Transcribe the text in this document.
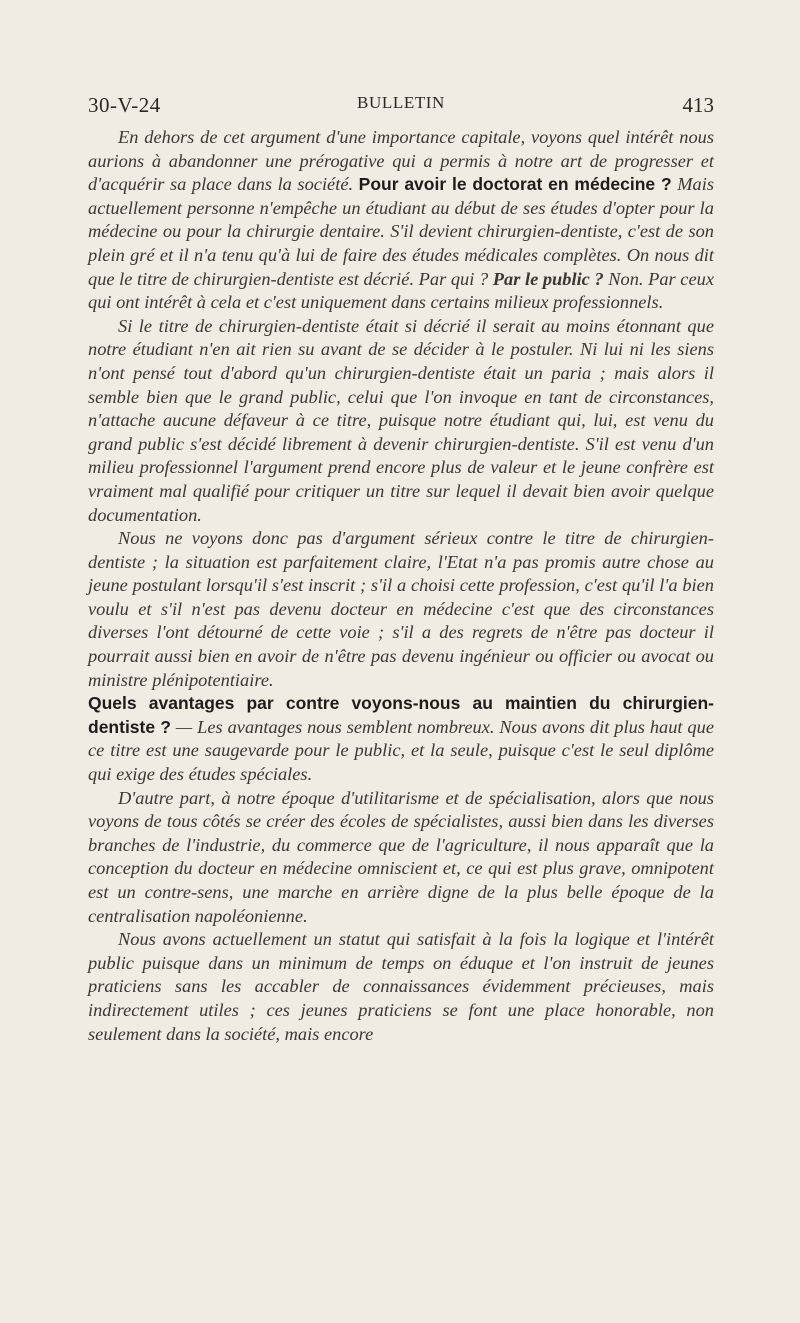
30-V-24	BULLETIN	413

En dehors de cet argument d'une importance capitale, voyons quel intérêt nous aurions à abandonner une prérogative qui a permis à notre art de progresser et d'acquérir sa place dans la société. Pour avoir le doctorat en médecine ? Mais actuellement personne n'empêche un étudiant au début de ses études d'opter pour la médecine ou pour la chirurgie dentaire. S'il devient chirurgien-dentiste, c'est de son plein gré et il n'a tenu qu'à lui de faire des études médicales complètes. On nous dit que le titre de chirurgien-dentiste est décrié. Par qui ? Par le public ? Non. Par ceux qui ont intérêt à cela et c'est uniquement dans certains milieux professionnels.

Si le titre de chirurgien-dentiste était si décrié il serait au moins étonnant que notre étudiant n'en ait rien su avant de se décider à le postuler. Ni lui ni les siens n'ont pensé tout d'abord qu'un chirurgien-dentiste était un paria ; mais alors il semble bien que le grand public, celui que l'on invoque en tant de circonstances, n'attache aucune défaveur à ce titre, puisque notre étudiant qui, lui, est venu du grand public s'est décidé librement à devenir chirurgien-dentiste. S'il est venu d'un milieu professionnel l'argument prend encore plus de valeur et le jeune confrère est vraiment mal qualifié pour critiquer un titre sur lequel il devait bien avoir quelque documentation.

Nous ne voyons donc pas d'argument sérieux contre le titre de chirurgien-dentiste ; la situation est parfaitement claire, l'Etat n'a pas promis autre chose au jeune postulant lorsqu'il s'est inscrit ; s'il a choisi cette profession, c'est qu'il l'a bien voulu et s'il n'est pas devenu docteur en médecine c'est que des circonstances diverses l'ont détourné de cette voie ; s'il a des regrets de n'être pas docteur il pourrait aussi bien en avoir de n'être pas devenu ingénieur ou officier ou avocat ou ministre plénipotentiaire.

Quels avantages par contre voyons-nous au maintien du chirurgien-dentiste ? — Les avantages nous semblent nombreux. Nous avons dit plus haut que ce titre est une saugevarde pour le public, et la seule, puisque c'est le seul diplôme qui exige des études spéciales.

D'autre part, à notre époque d'utilitarisme et de spécialisation, alors que nous voyons de tous côtés se créer des écoles de spécialistes, aussi bien dans les diverses branches de l'industrie, du commerce que de l'agriculture, il nous apparaît que la conception du docteur en médecine omniscient et, ce qui est plus grave, omnipotent est un contre-sens, une marche en arrière digne de la plus belle époque de la centralisation napoléonienne.

Nous avons actuellement un statut qui satisfait à la fois la logique et l'intérêt public puisque dans un minimum de temps on éduque et l'on instruit de jeunes praticiens sans les accabler de connaissances évidemment précieuses, mais indirectement utiles ; ces jeunes praticiens se font une place honorable, non seulement dans la société, mais encore
